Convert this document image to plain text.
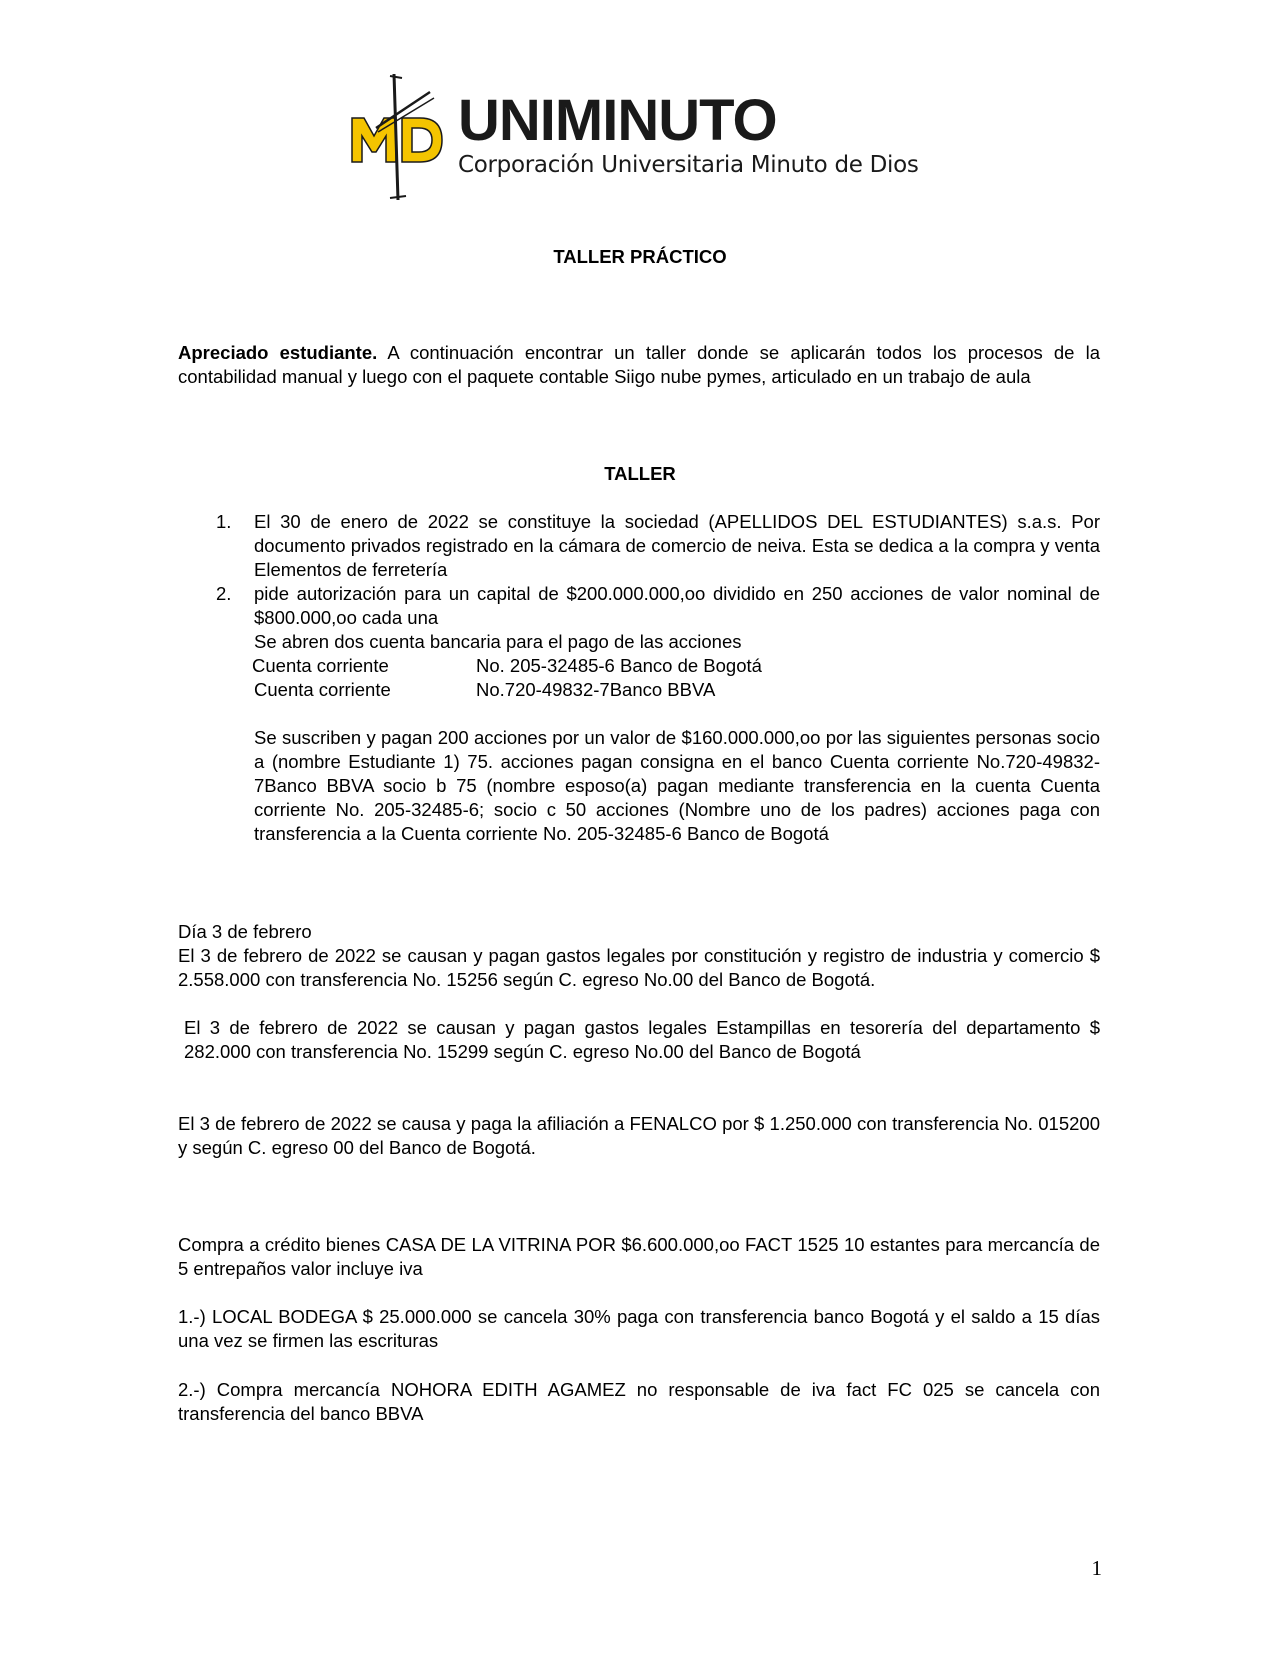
UNIMINUTO
Corporación Universitaria Minuto de Dios
TALLER PRÁCTICO
Apreciado estudiante. A continuación encontrar un taller donde se aplicarán todos los procesos de la contabilidad manual y luego con el paquete contable Siigo nube pymes, articulado en un trabajo de aula
TALLER
1. El 30 de enero de 2022 se constituye la sociedad (APELLIDOS DEL ESTUDIANTES) s.a.s. Por documento privados registrado en la cámara de comercio de neiva. Esta se dedica a la compra y venta Elementos de ferretería
2. pide autorización para un capital de $200.000.000,oo dividido en 250 acciones de valor nominal de $800.000,oo cada una
Se abren dos cuenta bancaria para el pago de las acciones
Cuenta corriente	No. 205-32485-6 Banco de Bogotá
Cuenta corriente	No.720-49832-7Banco BBVA
Se suscriben y pagan 200 acciones por un valor de $160.000.000,oo por las siguientes personas socio a (nombre Estudiante 1) 75. acciones pagan consigna en el banco Cuenta corriente No.720-49832-7Banco BBVA socio b 75 (nombre esposo(a) pagan mediante transferencia en la cuenta Cuenta corriente No. 205-32485-6; socio c 50 acciones (Nombre uno de los padres) acciones paga con transferencia a la Cuenta corriente No. 205-32485-6 Banco de Bogotá
Día 3 de febrero
El 3 de febrero de 2022 se causan y pagan gastos legales por constitución y registro de industria y comercio $ 2.558.000 con transferencia No. 15256 según C. egreso No.00 del Banco de Bogotá.
El 3 de febrero de 2022 se causan y pagan gastos legales Estampillas en tesorería del departamento $ 282.000 con transferencia No. 15299 según C. egreso No.00 del Banco de Bogotá
El 3 de febrero de 2022 se causa y paga la afiliación a FENALCO por $ 1.250.000 con transferencia No. 015200 y según C. egreso 00 del Banco de Bogotá.
Compra a crédito bienes CASA DE LA VITRINA POR $6.600.000,oo FACT 1525 10 estantes para mercancía de 5 entrepaños valor incluye iva
1.-) LOCAL BODEGA $ 25.000.000 se cancela 30% paga con transferencia banco Bogotá y el saldo a 15 días una vez se firmen las escrituras
2.-) Compra mercancía NOHORA EDITH AGAMEZ no responsable de iva fact FC 025 se cancela con transferencia del banco BBVA
1
